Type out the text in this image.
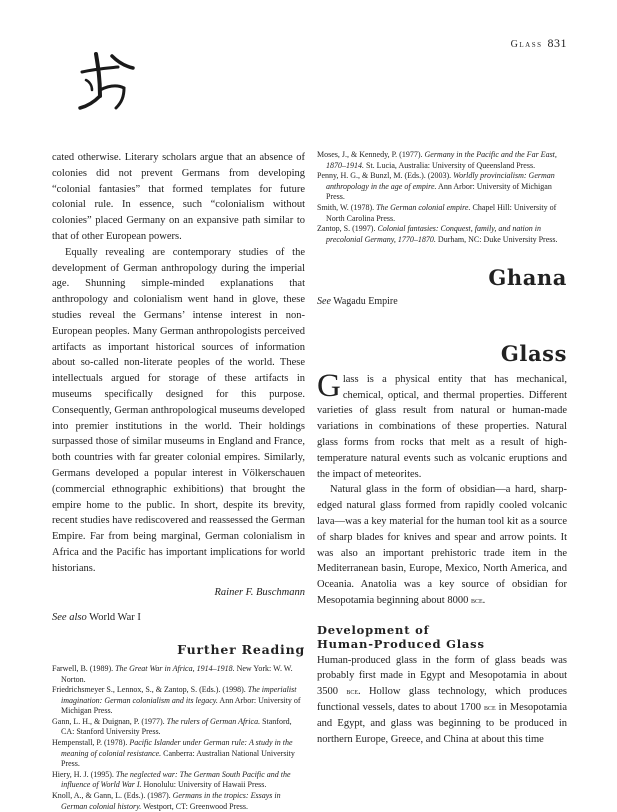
Glass 831

cated otherwise. Literary scholars argue that an absence of colonies did not prevent Germans from developing “colonial fantasies” that formed templates for future colonial rule. In essence, such “colonialism without colonies” placed Germany on an expansive path similar to that of other European powers.

Equally revealing are contemporary studies of the development of German anthropology during the imperial age. Shunning simple-minded explanations that anthropology and colonialism went hand in glove, these studies reveal the Germans’ intense interest in non-European peoples. Many German anthropologists perceived artifacts as important historical sources of information about so-called non-literate peoples of the world. These intellectuals argued for storage of these artifacts in museums specifically designed for this purpose. Consequently, German anthropological museums developed into premier institutions in the world. Their holdings surpassed those of similar museums in England and France, both countries with far greater colonial empires. Similarly, Germans developed a popular interest in Völkerschauen (commercial ethnographic exhibitions) that brought the empire home to the public. In short, despite its brevity, recent studies have rediscovered and reassessed the German Empire. Far from being marginal, German colonialism in Africa and the Pacific has important implications for world historians.

Rainer F. Buschmann

See also World War I

Further Reading

Farwell, B. (1989). The Great War in Africa, 1914–1918. New York: W. W. Norton.

Friedrichsmeyer S., Lennox, S., & Zantop, S. (Eds.). (1998). The imperialist imagination: German colonialism and its legacy. Ann Arbor: University of Michigan Press.

Gann, L. H., & Duignan, P. (1977). The rulers of German Africa. Stanford, CA: Stanford University Press.

Hempenstall, P. (1978). Pacific Islander under German rule: A study in the meaning of colonial resistance. Canberra: Australian National University Press.

Hiery, H. J. (1995). The neglected war: The German South Pacific and the influence of World War I. Honolulu: University of Hawaii Press.

Knoll, A., & Gann, L. (Eds.). (1987). Germans in the tropics: Essays in German colonial history. Westport, CT: Greenwood Press.

Moses, J., & Kennedy, P. (1977). Germany in the Pacific and the Far East, 1870–1914. St. Lucia, Australia: University of Queensland Press.

Penny, H. G., & Bunzl, M. (Eds.). (2003). Worldly provincialism: German anthropology in the age of empire. Ann Arbor: University of Michigan Press.

Smith, W. (1978). The German colonial empire. Chapel Hill: University of North Carolina Press.

Zantop, S. (1997). Colonial fantasies: Conquest, family, and nation in precolonial Germany, 1770–1870. Durham, NC: Duke University Press.

Ghana

See Wagadu Empire

Glass

Glass is a physical entity that has mechanical, chemical, optical, and thermal properties. Different varieties of glass result from natural or human-made variations in combinations of these properties. Natural glass forms from rocks that melt as a result of high-temperature natural events such as volcanic eruptions and the impact of meteorites.

Natural glass in the form of obsidian—a hard, sharp-edged natural glass formed from rapidly cooled volcanic lava—was a key material for the human tool kit as a source of sharp blades for knives and spear and arrow points. It was also an important prehistoric trade item in the Mediterranean basin, Europe, Mexico, North America, and Oceania. Anatolia was a key source of obsidian for Mesopotamia beginning about 8000 bce.

Development of
Human-Produced Glass

Human-produced glass in the form of glass beads was probably first made in Egypt and Mesopotamia in about 3500 bce. Hollow glass technology, which produces functional vessels, dates to about 1700 bce in Mesopotamia and Egypt, and glass was beginning to be produced in northern Europe, Greece, and China at about this time
